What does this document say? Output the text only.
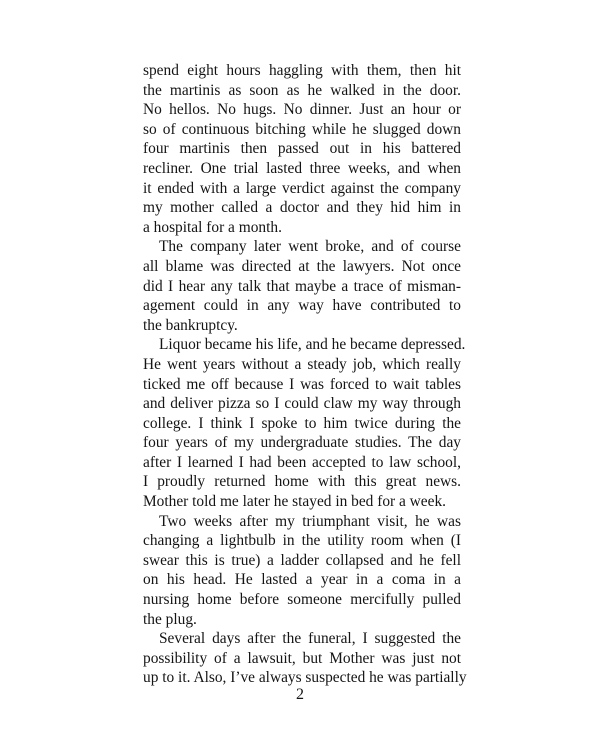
spend eight hours haggling with them, then hit
the martinis as soon as he walked in the door.
No hellos. No hugs. No dinner. Just an hour or
so of continuous bitching while he slugged down
four martinis then passed out in his battered
recliner. One trial lasted three weeks, and when
it ended with a large verdict against the company
my mother called a doctor and they hid him in
a hospital for a month.
The company later went broke, and of course
all blame was directed at the lawyers. Not once
did I hear any talk that maybe a trace of misman-
agement could in any way have contributed to
the bankruptcy.
Liquor became his life, and he became depressed.
He went years without a steady job, which really
ticked me off because I was forced to wait tables
and deliver pizza so I could claw my way through
college. I think I spoke to him twice during the
four years of my undergraduate studies. The day
after I learned I had been accepted to law school,
I proudly returned home with this great news.
Mother told me later he stayed in bed for a week.
Two weeks after my triumphant visit, he was
changing a lightbulb in the utility room when (I
swear this is true) a ladder collapsed and he fell
on his head. He lasted a year in a coma in a
nursing home before someone mercifully pulled
the plug.
Several days after the funeral, I suggested the
possibility of a lawsuit, but Mother was just not
up to it. Also, I’ve always suspected he was partially
2
